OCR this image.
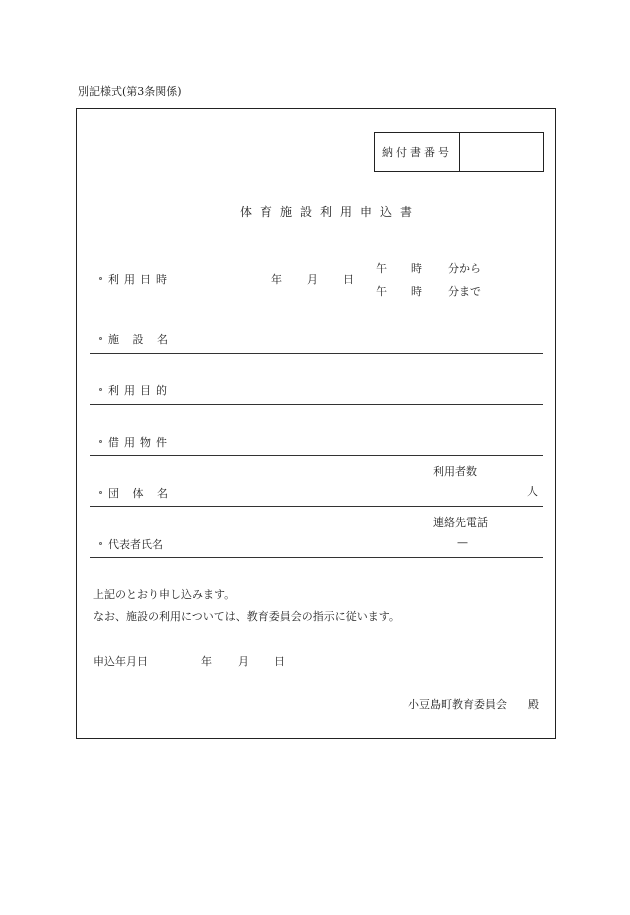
別記様式(第3条関係)
納付書番号
体育施設利用申込書
利用日時	年 月 日
午 時 分から
午 時 分まで
施 設 名
利用目的
借用物件
利用者数
団 体 名	人
連絡先電話
—
代表者氏名
上記のとおり申し込みます。
なお、施設の利用については、教育委員会の指示に従います。
申込年月日	年 月 日
小豆島町教育委員会 殿
